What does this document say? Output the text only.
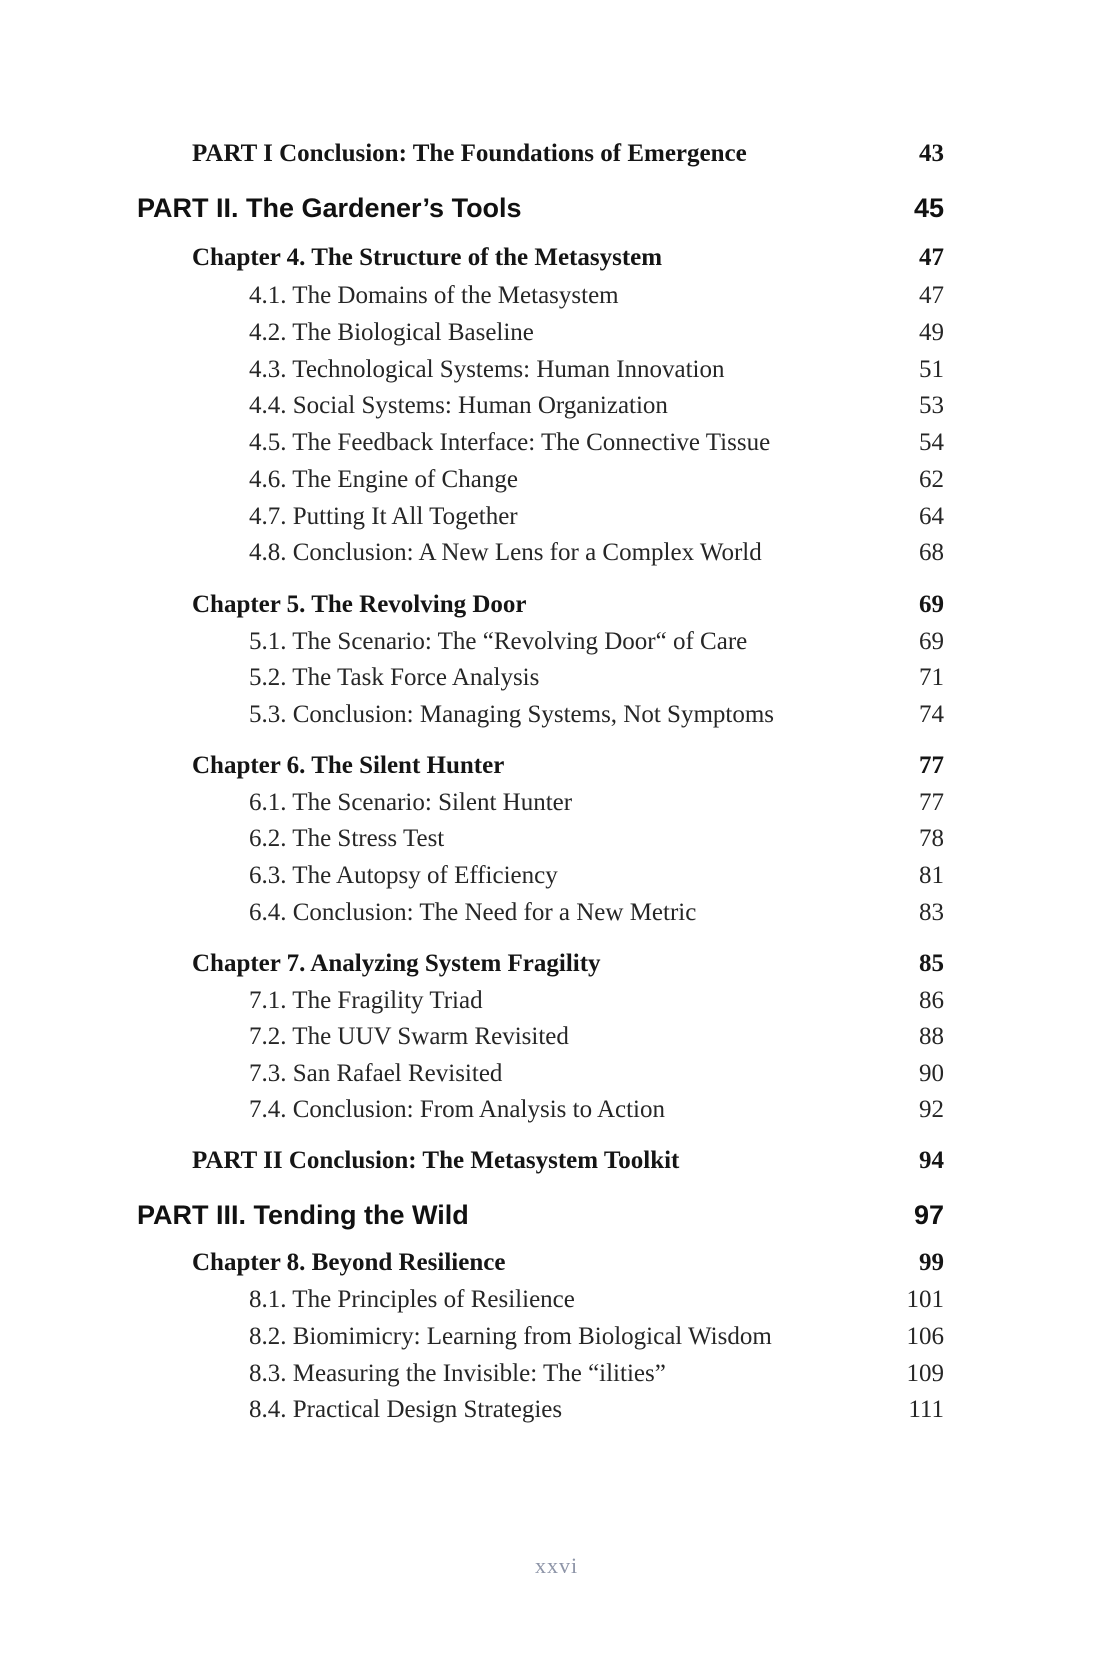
PART I Conclusion: The Foundations of Emergence	43
PART II. The Gardener’s Tools	45
Chapter 4. The Structure of the Metasystem	47
4.1. The Domains of the Metasystem	47
4.2. The Biological Baseline	49
4.3. Technological Systems: Human Innovation	51
4.4. Social Systems: Human Organization	53
4.5. The Feedback Interface: The Connective Tissue	54
4.6. The Engine of Change	62
4.7. Putting It All Together	64
4.8. Conclusion: A New Lens for a Complex World	68
Chapter 5. The Revolving Door	69
5.1. The Scenario: The “Revolving Door“ of Care	69
5.2. The Task Force Analysis	71
5.3. Conclusion: Managing Systems, Not Symptoms	74
Chapter 6. The Silent Hunter	77
6.1. The Scenario: Silent Hunter	77
6.2. The Stress Test	78
6.3. The Autopsy of Efficiency	81
6.4. Conclusion: The Need for a New Metric	83
Chapter 7. Analyzing System Fragility	85
7.1. The Fragility Triad	86
7.2. The UUV Swarm Revisited	88
7.3. San Rafael Revisited	90
7.4. Conclusion: From Analysis to Action	92
PART II Conclusion: The Metasystem Toolkit	94
PART III. Tending the Wild	97
Chapter 8. Beyond Resilience	99
8.1. The Principles of Resilience	101
8.2. Biomimicry: Learning from Biological Wisdom	106
8.3. Measuring the Invisible: The “ilities”	109
8.4. Practical Design Strategies	111
xxvi
